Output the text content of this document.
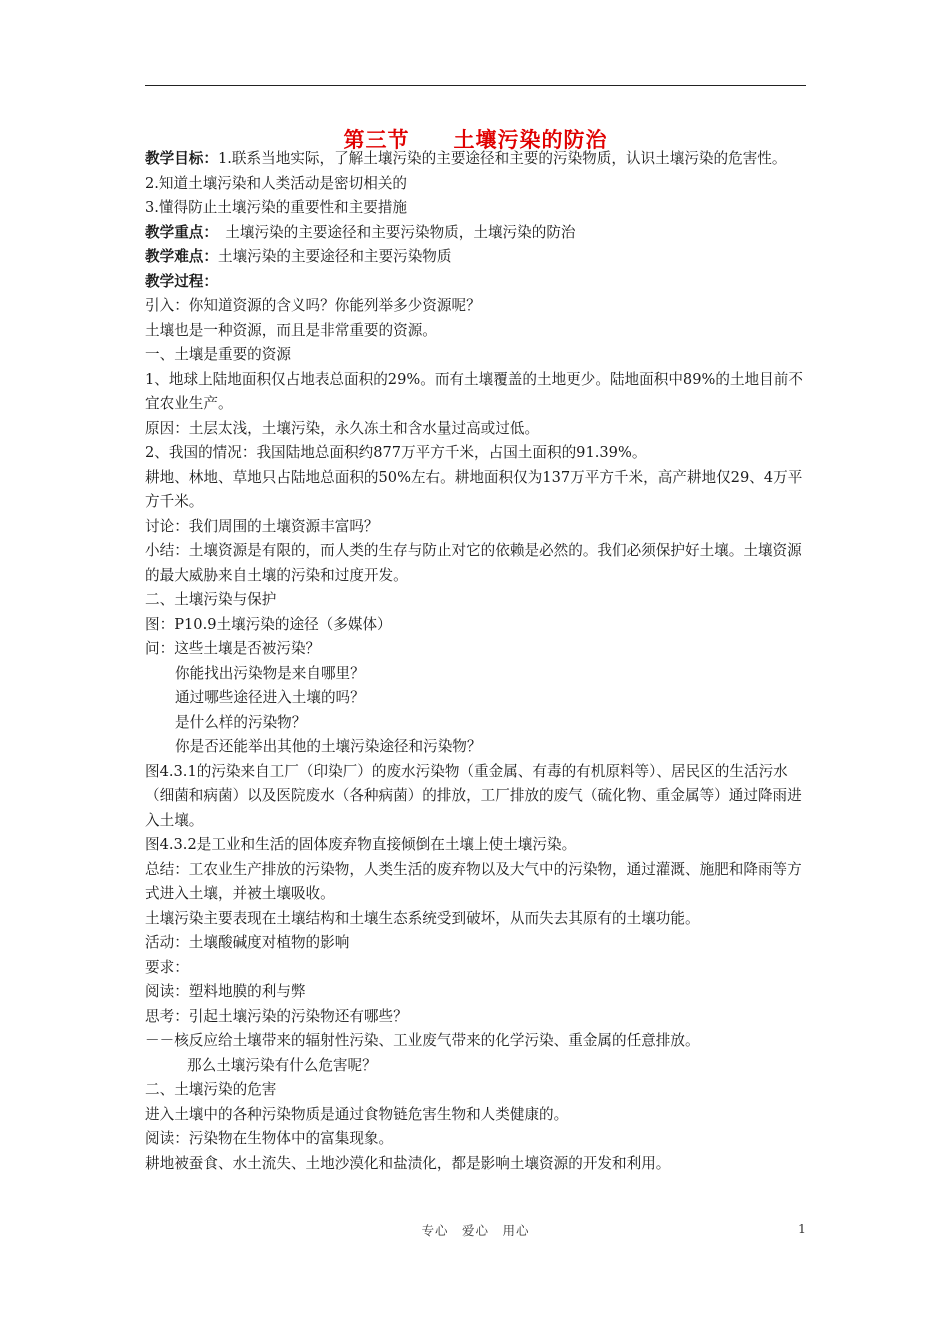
第三节　　土壤污染的防治

教学目标：1.联系当地实际，了解土壤污染的主要途径和主要的污染物质，认识土壤污染的危害性。

2.知道土壤污染和人类活动是密切相关的

3.懂得防止土壤污染的重要性和主要措施

教学重点：　土壤污染的主要途径和主要污染物质，土壤污染的防治

教学难点：土壤污染的主要途径和主要污染物质

教学过程：

引入：你知道资源的含义吗？你能列举多少资源呢？

土壤也是一种资源，而且是非常重要的资源。

一、土壤是重要的资源

1、地球上陆地面积仅占地表总面积的29%。而有土壤覆盖的土地更少。陆地面积中89%的土地目前不宜农业生产。

原因：土层太浅，土壤污染，永久冻土和含水量过高或过低。

2、我国的情况：我国陆地总面积约877万平方千米，占国土面积的91.39%。

耕地、林地、草地只占陆地总面积的50%左右。耕地面积仅为137万平方千米，高产耕地仅29、4万平方千米。

讨论：我们周围的土壤资源丰富吗？

小结：土壤资源是有限的，而人类的生存与防止对它的依赖是必然的。我们必须保护好土壤。土壤资源的最大威胁来自土壤的污染和过度开发。

二、土壤污染与保护

图：P10.9土壤污染的途径（多媒体）

问：这些土壤是否被污染？

你能找出污染物是来自哪里？

通过哪些途径进入土壤的吗？

是什么样的污染物？

你是否还能举出其他的土壤污染途径和污染物？

图4.3.1的污染来自工厂（印染厂）的废水污染物（重金属、有毒的有机原料等）、居民区的生活污水（细菌和病菌）以及医院废水（各种病菌）的排放，工厂排放的废气（硫化物、重金属等）通过降雨进入土壤。

图4.3.2是工业和生活的固体废弃物直接倾倒在土壤上使土壤污染。

总结：工农业生产排放的污染物，人类生活的废弃物以及大气中的污染物，通过灌溉、施肥和降雨等方式进入土壤，并被土壤吸收。

土壤污染主要表现在土壤结构和土壤生态系统受到破坏，从而失去其原有的土壤功能。

活动：土壤酸碱度对植物的影响

要求：

阅读：塑料地膜的利与弊

思考：引起土壤污染的污染物还有哪些？

－－核反应给土壤带来的辐射性污染、工业废气带来的化学污染、重金属的任意排放。

那么土壤污染有什么危害呢？

二、土壤污染的危害

进入土壤中的各种污染物质是通过食物链危害生物和人类健康的。

阅读：污染物在生物体中的富集现象。

耕地被蚕食、水土流失、土地沙漠化和盐渍化，都是影响土壤资源的开发和利用。

专心　爱心　用心	1
